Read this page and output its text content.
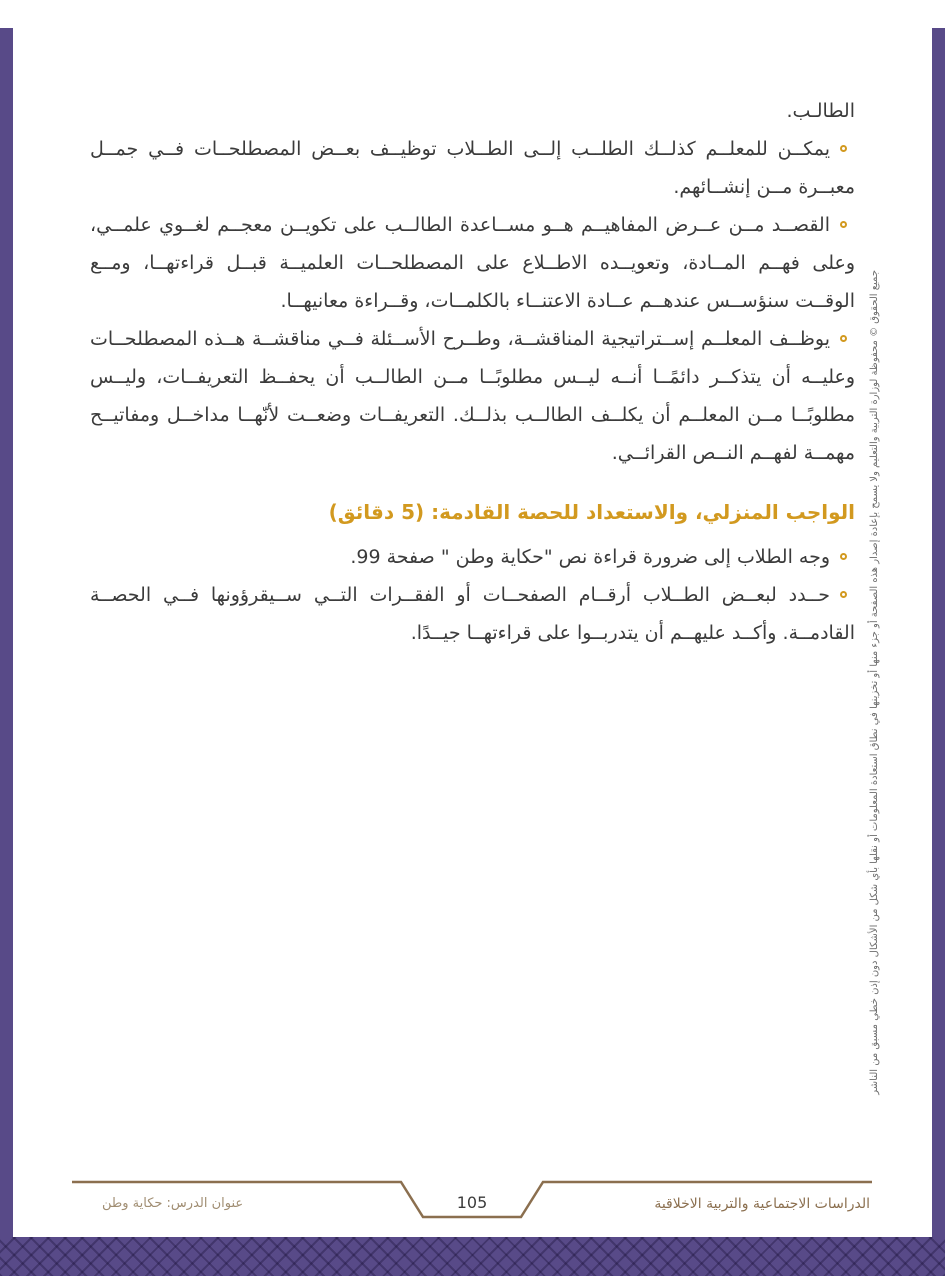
الطالـب.

يمكــن للمعلــم كذلــك الطلــب إلــى الطــلاب توظيــف بعــض المصطلحــات فــي جمــل معبــرة مــن إنشــائهم.

القصــد مــن عــرض المفاهيــم هــو مســاعدة الطالــب على تكويــن معجــم لغــوي علمــي، وعلى فهــم المــادة، وتعويــده الاطــلاع على المصطلحــات العلميــة قبــل قراءتهــا، ومــع الوقــت سنؤســس عندهــم عــادة الاعتنــاء بالكلمــات، وقــراءة معانيهــا.

يوظــف المعلــم إســتراتيجية المناقشــة، وطــرح الأســئلة فــي مناقشــة هــذه المصطلحــات وعليــه أن يتذكــر دائمًــا أنــه ليــس مطلوبًــا مــن الطالــب أن يحفــظ التعريفــات، وليــس مطلوبًــا مــن المعلــم أن يكلــف الطالــب بذلــك. التعريفــات وضعــت لأنّهــا مداخــل ومفاتيــح مهمــة لفهــم النــص القرائــي.

الواجب المنزلي، والاستعداد للحصة القادمة: (5 دقائق)

وجه الطلاب إلى ضرورة قراءة نص "حكاية وطن " صفحة 99.

حــدد لبعــض الطــلاب أرقــام الصفحــات أو الفقــرات التــي ســيقرؤونها فــي الحصــة القادمــة. وأكــد عليهــم أن يتدربــوا على قراءتهــا جيــدًا. جميع الحقوق © محفوظة لوزارة التربية والتعليم ولا يسمح بإعادة إصدار هذه الصفحة أو جزء منها أو تخزينها في نطاق استعادة المعلومات أو نقلها بأي شكل من الأشكال دون إذن خطي مسبق من الناشر
105
عنوان الدرس: حكاية وطن	الدراسات الاجتماعية والتربية الاخلاقية
